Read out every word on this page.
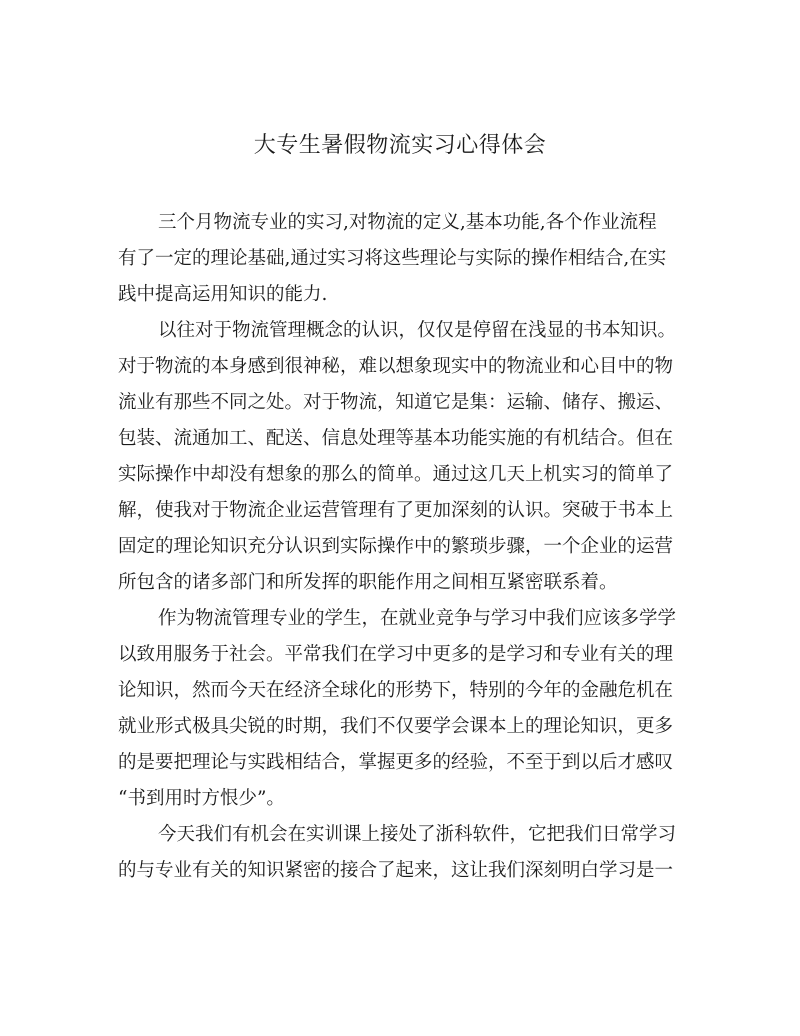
大专生暑假物流实习心得体会
三个月物流专业的实习,对物流的定义,基本功能,各个作业流程
有了一定的理论基础,通过实习将这些理论与实际的操作相结合,在实
践中提高运用知识的能力.
以往对于物流管理概念的认识，仅仅是停留在浅显的书本知识。
对于物流的本身感到很神秘，难以想象现实中的物流业和心目中的物
流业有那些不同之处。对于物流，知道它是集：运输、储存、搬运、
包装、流通加工、配送、信息处理等基本功能实施的有机结合。但在
实际操作中却没有想象的那么的简单。通过这几天上机实习的简单了
解，使我对于物流企业运营管理有了更加深刻的认识。突破于书本上
固定的理论知识充分认识到实际操作中的繁琐步骤，一个企业的运营
所包含的诸多部门和所发挥的职能作用之间相互紧密联系着。
作为物流管理专业的学生，在就业竞争与学习中我们应该多学学
以致用服务于社会。平常我们在学习中更多的是学习和专业有关的理
论知识，然而今天在经济全球化的形势下，特别的今年的金融危机在
就业形式极具尖锐的时期，我们不仅要学会课本上的理论知识，更多
的是要把理论与实践相结合，掌握更多的经验，不至于到以后才感叹
“书到用时方恨少”。
今天我们有机会在实训课上接处了浙科软件，它把我们日常学习
的与专业有关的知识紧密的接合了起来，这让我们深刻明白学习是一
